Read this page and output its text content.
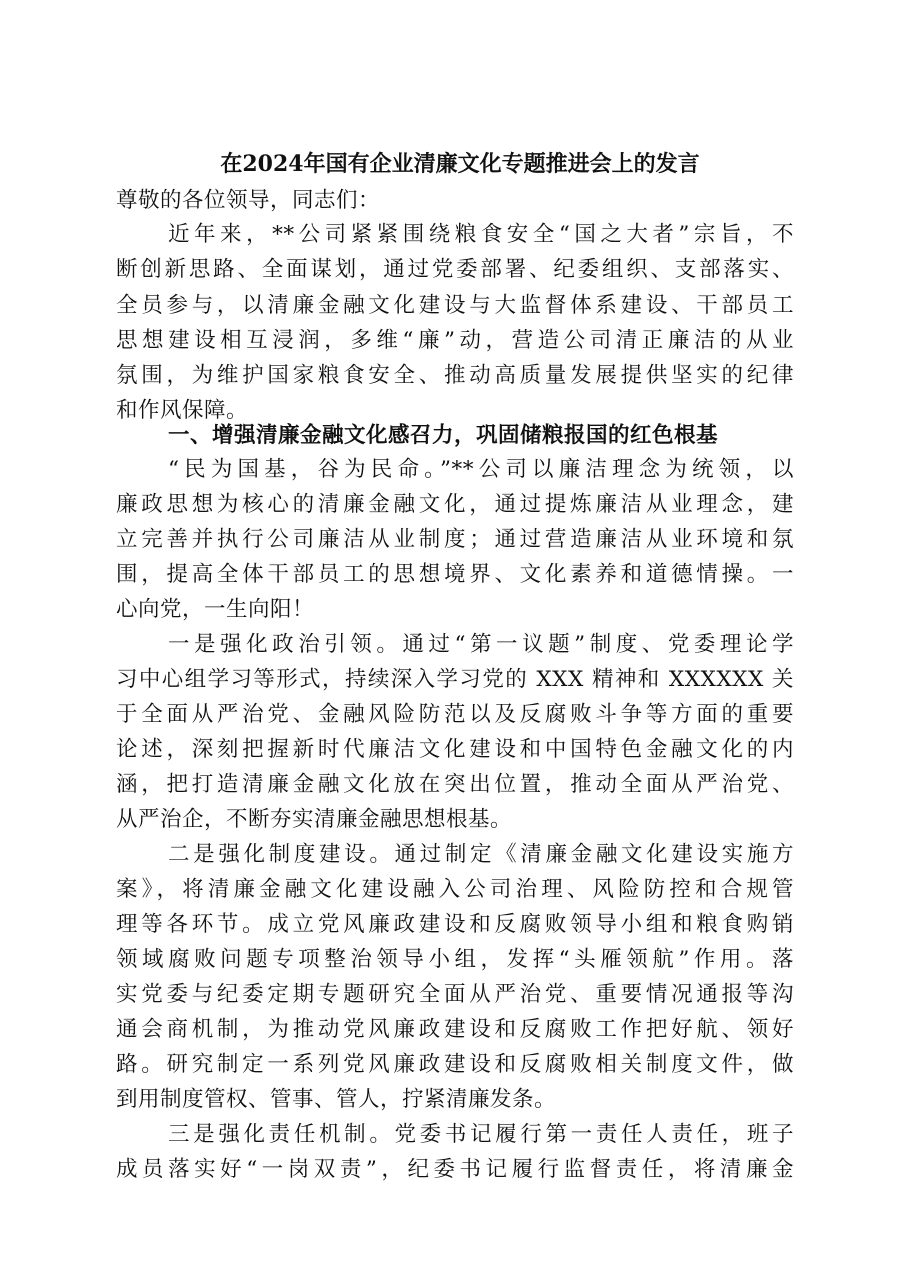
在2024年国有企业清廉文化专题推进会上的发言
尊敬的各位领导，同志们：
近年来，**公司紧紧围绕粮食安全“国之大者”宗旨，不
断创新思路、全面谋划，通过党委部署、纪委组织、支部落实、
全员参与，以清廉金融文化建设与大监督体系建设、干部员工
思想建设相互浸润，多维“廉”动，营造公司清正廉洁的从业
氛围，为维护国家粮食安全、推动高质量发展提供坚实的纪律
和作风保障。
一、增强清廉金融文化感召力，巩固储粮报国的红色根基
“民为国基，谷为民命。”**公司以廉洁理念为统领，以
廉政思想为核心的清廉金融文化，通过提炼廉洁从业理念，建
立完善并执行公司廉洁从业制度；通过营造廉洁从业环境和氛
围，提高全体干部员工的思想境界、文化素养和道德情操。一
心向党，一生向阳！
一是强化政治引领。通过“第一议题”制度、党委理论学
习中心组学习等形式，持续深入学习党的 XXX 精神和 XXXXXX 关
于全面从严治党、金融风险防范以及反腐败斗争等方面的重要
论述，深刻把握新时代廉洁文化建设和中国特色金融文化的内
涵，把打造清廉金融文化放在突出位置，推动全面从严治党、
从严治企，不断夯实清廉金融思想根基。
二是强化制度建设。通过制定《清廉金融文化建设实施方
案》，将清廉金融文化建设融入公司治理、风险防控和合规管
理等各环节。成立党风廉政建设和反腐败领导小组和粮食购销
领域腐败问题专项整治领导小组，发挥“头雁领航”作用。落
实党委与纪委定期专题研究全面从严治党、重要情况通报等沟
通会商机制，为推动党风廉政建设和反腐败工作把好航、领好
路。研究制定一系列党风廉政建设和反腐败相关制度文件，做
到用制度管权、管事、管人，拧紧清廉发条。
三是强化责任机制。党委书记履行第一责任人责任，班子
成员落实好“一岗双责”，纪委书记履行监督责任，将清廉金
